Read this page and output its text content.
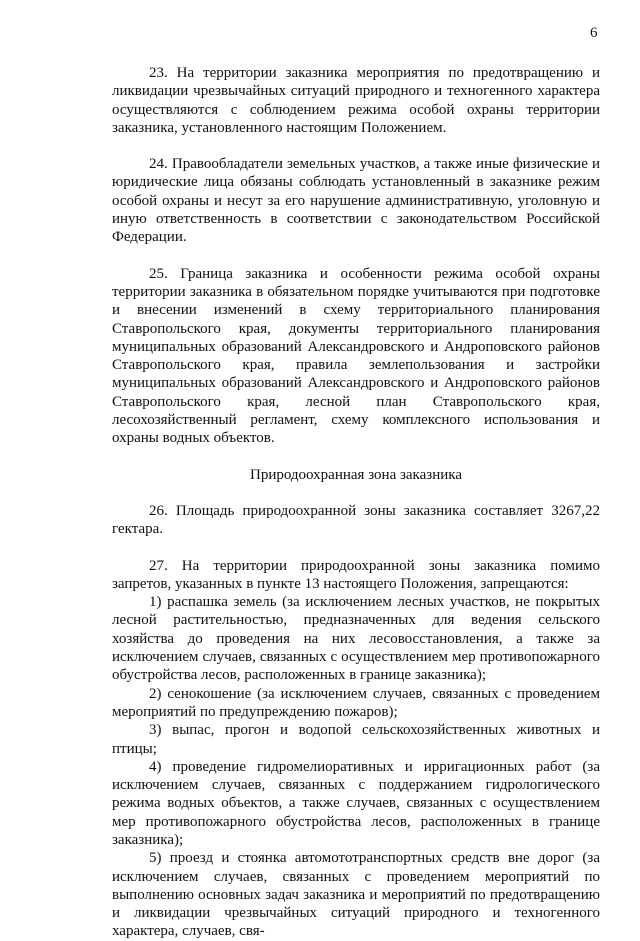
6

23. На территории заказника мероприятия по предотвращению и ликвидации чрезвычайных ситуаций природного и техногенного характера осуществляются с соблюдением режима особой охраны территории заказника, установленного настоящим Положением.

24. Правообладатели земельных участков, а также иные физические и юридические лица обязаны соблюдать установленный в заказнике режим особой охраны и несут за его нарушение административную, уголовную и иную ответственность в соответствии с законодательством Российской Федерации.

25. Граница заказника и особенности режима особой охраны территории заказника в обязательном порядке учитываются при подготовке и внесении изменений в схему территориального планирования Ставропольского края, документы территориального планирования муниципальных образований Александровского и Андроповского районов Ставропольского края, правила землепользования и застройки муниципальных образований Александровского и Андроповского районов Ставропольского края, лесной план Ставропольского края, лесохозяйственный регламент, схему комплексного использования и охраны водных объектов.

Природоохранная зона заказника

26. Площадь природоохранной зоны заказника составляет 3267,22 гектара.

27. На территории природоохранной зоны заказника помимо запретов, указанных в пункте 13 настоящего Положения, запрещаются:

1) распашка земель (за исключением лесных участков, не покрытых лесной растительностью, предназначенных для ведения сельского хозяйства до проведения на них лесовосстановления, а также за исключением случаев, связанных с осуществлением мер противопожарного обустройства лесов, расположенных в границе заказника);

2) сенокошение (за исключением случаев, связанных с проведением мероприятий по предупреждению пожаров);

3) выпас, прогон и водопой сельскохозяйственных животных и птицы;

4) проведение гидромелиоративных и ирригационных работ (за исключением случаев, связанных с поддержанием гидрологического режима водных объектов, а также случаев, связанных с осуществлением мер противопожарного обустройства лесов, расположенных в границе заказника);

5) проезд и стоянка автомототранспортных средств вне дорог (за исключением случаев, связанных с проведением мероприятий по выполнению основных задач заказника и мероприятий по предотвращению и ликвидации чрезвычайных ситуаций природного и техногенного характера, случаев, свя-
